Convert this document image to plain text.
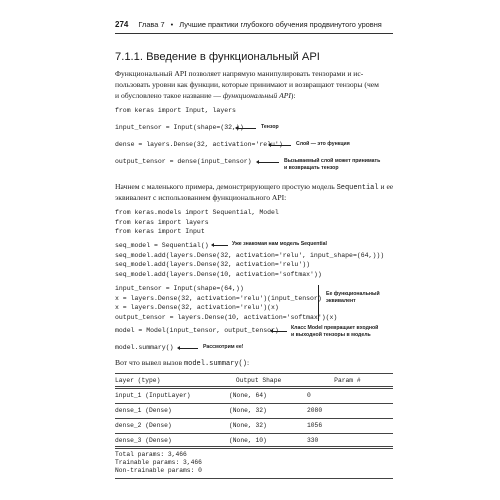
274 Глава 7 • Лучшие практики глубокого обучения продвинутого уровня
7.1.1. Введение в функциональный API
Функциональный API позволяет напрямую манипулировать тензорами и ис-
пользовать уровни как функции, которые принимают и возвращают тензоры (чем
и обусловлено такое название — функциональный API):
from keras import Input, layers
input_tensor = Input(shape=(32,))
dense = layers.Dense(32, activation='relu')
output_tensor = dense(input_tensor)
Тензор
Слой — это функция
Вызываемый слой может принимать
и возвращать тензор
Начнем с маленького примера, демонстрирующего простую модель Sequential и ее
эквивалент с использованием функционального API:
from keras.models import Sequential, Model
from keras import layers
from keras import Input
seq_model = Sequential()
seq_model.add(layers.Dense(32, activation='relu', input_shape=(64,)))
seq_model.add(layers.Dense(32, activation='relu'))
seq_model.add(layers.Dense(10, activation='softmax'))
input_tensor = Input(shape=(64,))
x = layers.Dense(32, activation='relu')(input_tensor)
x = layers.Dense(32, activation='relu')(x)
output_tensor = layers.Dense(10, activation='softmax')(x)
model = Model(input_tensor, output_tensor)
model.summary()
Уже знакомая нам модель Sequential
Ее функциональный
эквивалент
Класс Model превращает входной
и выходной тензоры в модель
Рассмотрим ее!
Вот что вывел вызов model.summary():
Layer (type)                    Output Shape              Param #
input_1 (InputLayer)	(None, 64)	0
dense_1 (Dense)	(None, 32)	2080
dense_2 (Dense)	(None, 32)	1056
dense_3 (Dense)	(None, 10)	330
Total params: 3,466
Trainable params: 3,466
Non-trainable params: 0
